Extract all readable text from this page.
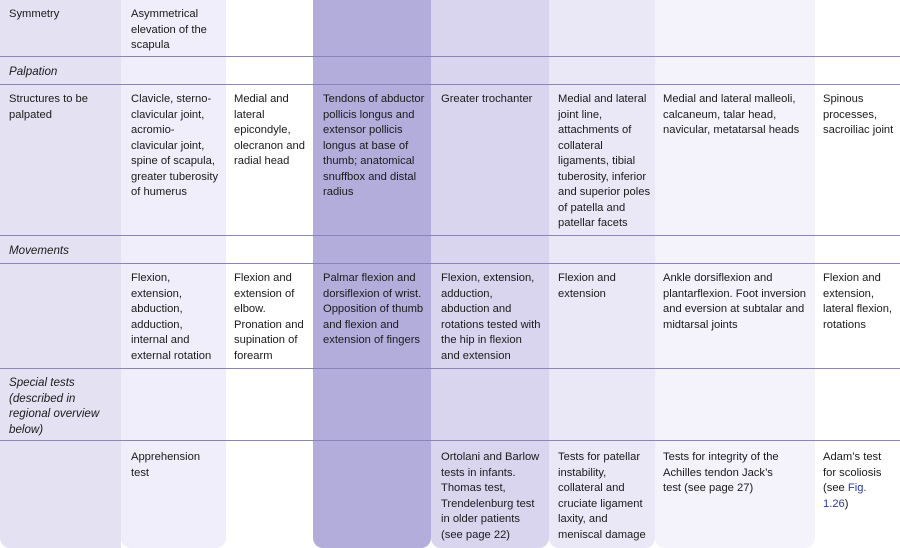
Symmetry	Asymmetrical elevation of the scapula
Palpation
Structures to be palpated
Clavicle, sterno-clavicular joint, acromio-clavicular joint, spine of scapula, greater tuberosity of humerus
Medial and lateral epicondyle, olecranon and radial head
Tendons of abductor pollicis longus and extensor pollicis longus at base of thumb; anatomical snuffbox and distal radius
Greater trochanter	Medial and lateral joint line, attachments of collateral ligaments, tibial tuberosity, inferior and superior poles of patella and patellar facets
Medial and lateral malleoli, calcaneum, talar head, navicular, metatarsal heads
Spinous processes, sacroiliac joint
Movements
Flexion, extension, abduction, adduction, internal and external rotation
Flexion and extension of elbow. Pronation and supination of forearm
Palmar flexion and dorsiflexion of wrist. Opposition of thumb and flexion and extension of fingers
Flexion, extension, adduction, abduction and rotations tested with the hip in flexion and extension
Flexion and extension
Ankle dorsiflexion and plantarflexion. Foot inversion and eversion at subtalar and midtarsal joints
Flexion and extension, lateral flexion, rotations
Special tests (described in regional overview below)
Apprehension test
Ortolani and Barlow tests in infants. Thomas test, Trendelenburg test in older patients (see page 22)
Tests for patellar instability, collateral and cruciate ligament laxity, and meniscal damage
Tests for integrity of the Achilles tendon Jack’s test (see page 27)
Adam’s test for scoliosis (see Fig. 1.26)
